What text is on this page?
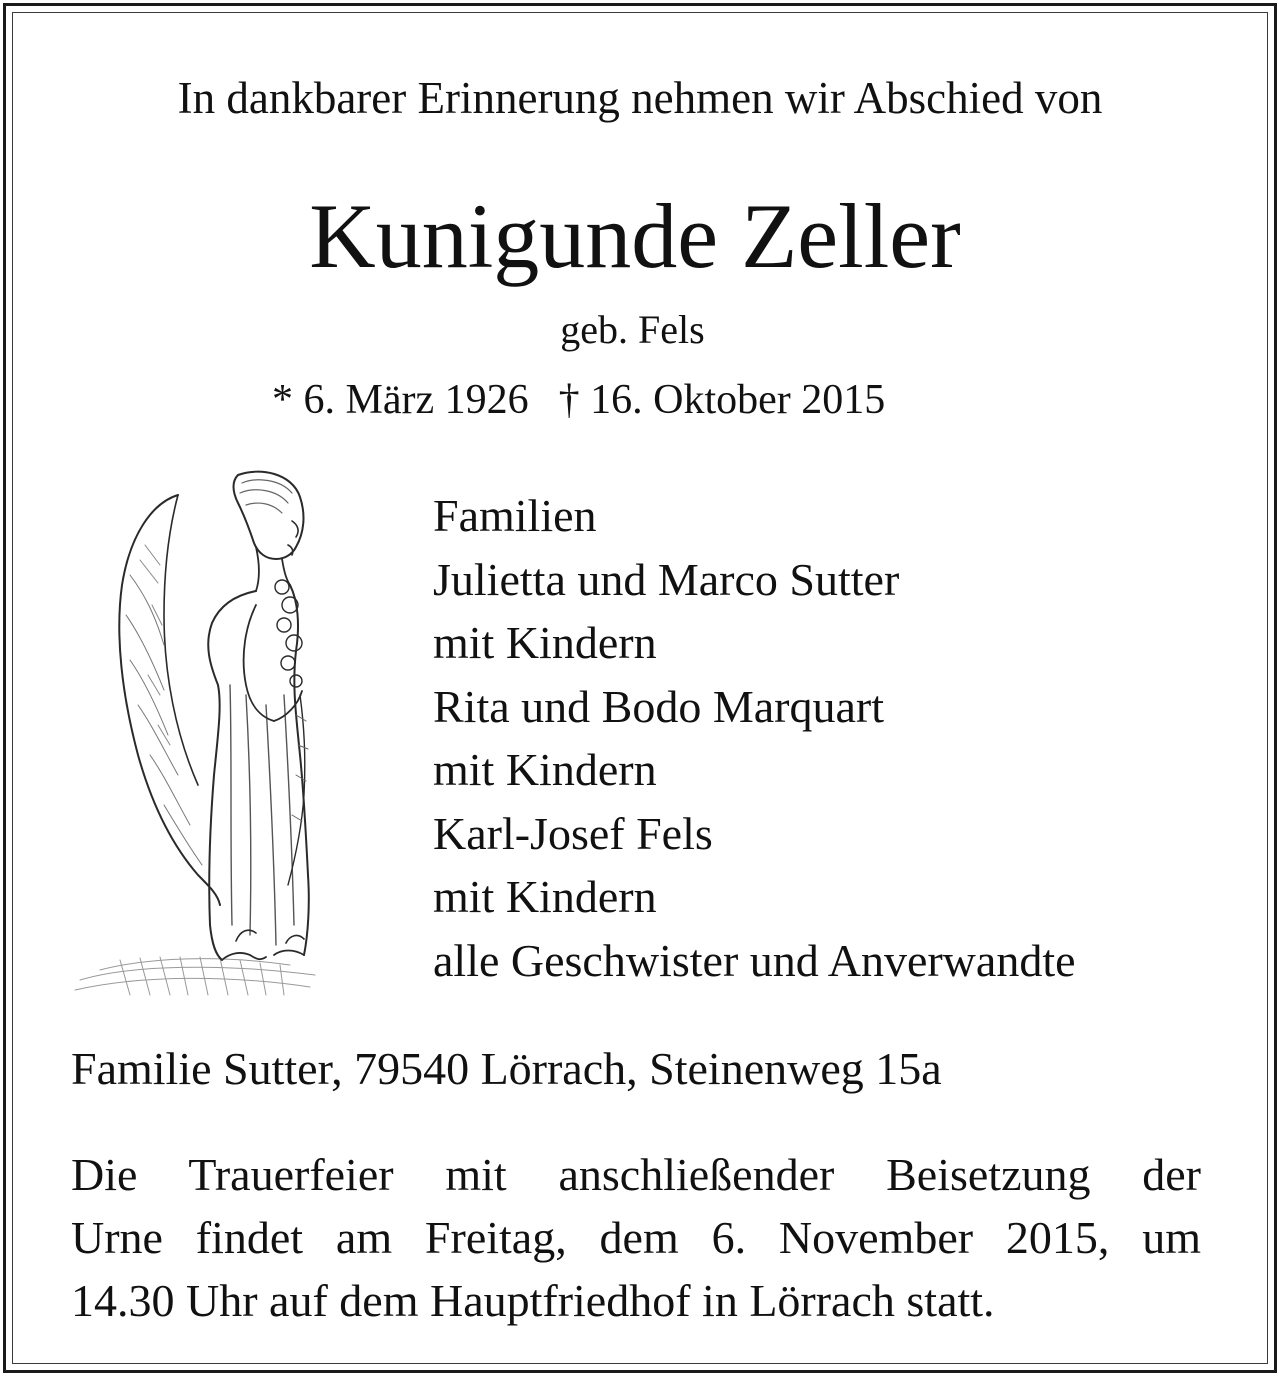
In dankbarer Erinnerung nehmen wir Abschied von
Kunigunde Zeller
geb. Fels
* 6. März 1926 † 16. Oktober 2015
Familien
Julietta und Marco Sutter
mit Kindern
Rita und Bodo Marquart
mit Kindern
Karl-Josef Fels
mit Kindern
alle Geschwister und Anverwandte
Familie Sutter, 79540 Lörrach, Steinenweg 15a
Die Trauerfeier mit anschließender Beisetzung der
Urne findet am Freitag, dem 6. November 2015, um
14.30 Uhr auf dem Hauptfriedhof in Lörrach statt.
